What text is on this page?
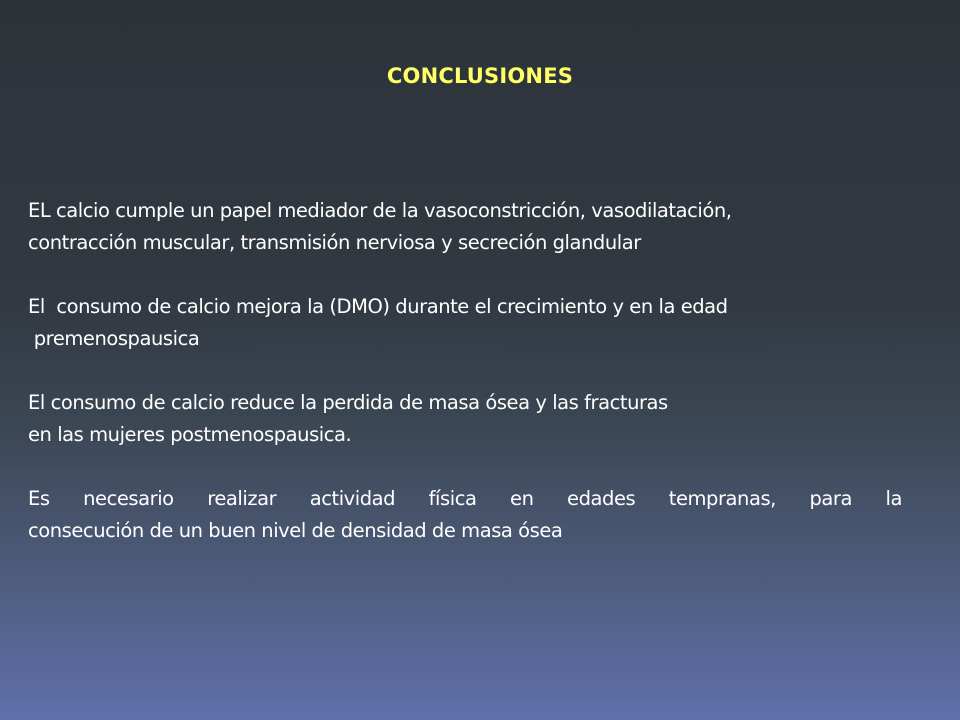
CONCLUSIONES

EL calcio cumple un papel mediador de la vasoconstricción, vasodilatación,
contracción muscular, transmisión nerviosa y secreción glandular

El  consumo de calcio mejora la (DMO) durante el crecimiento y en la edad
premenospausica

El consumo de calcio reduce la perdida de masa ósea y las fracturas
en las mujeres postmenospausica.

Es necesario realizar actividad física en edades tempranas, para la
consecución de un buen nivel de densidad de masa ósea
